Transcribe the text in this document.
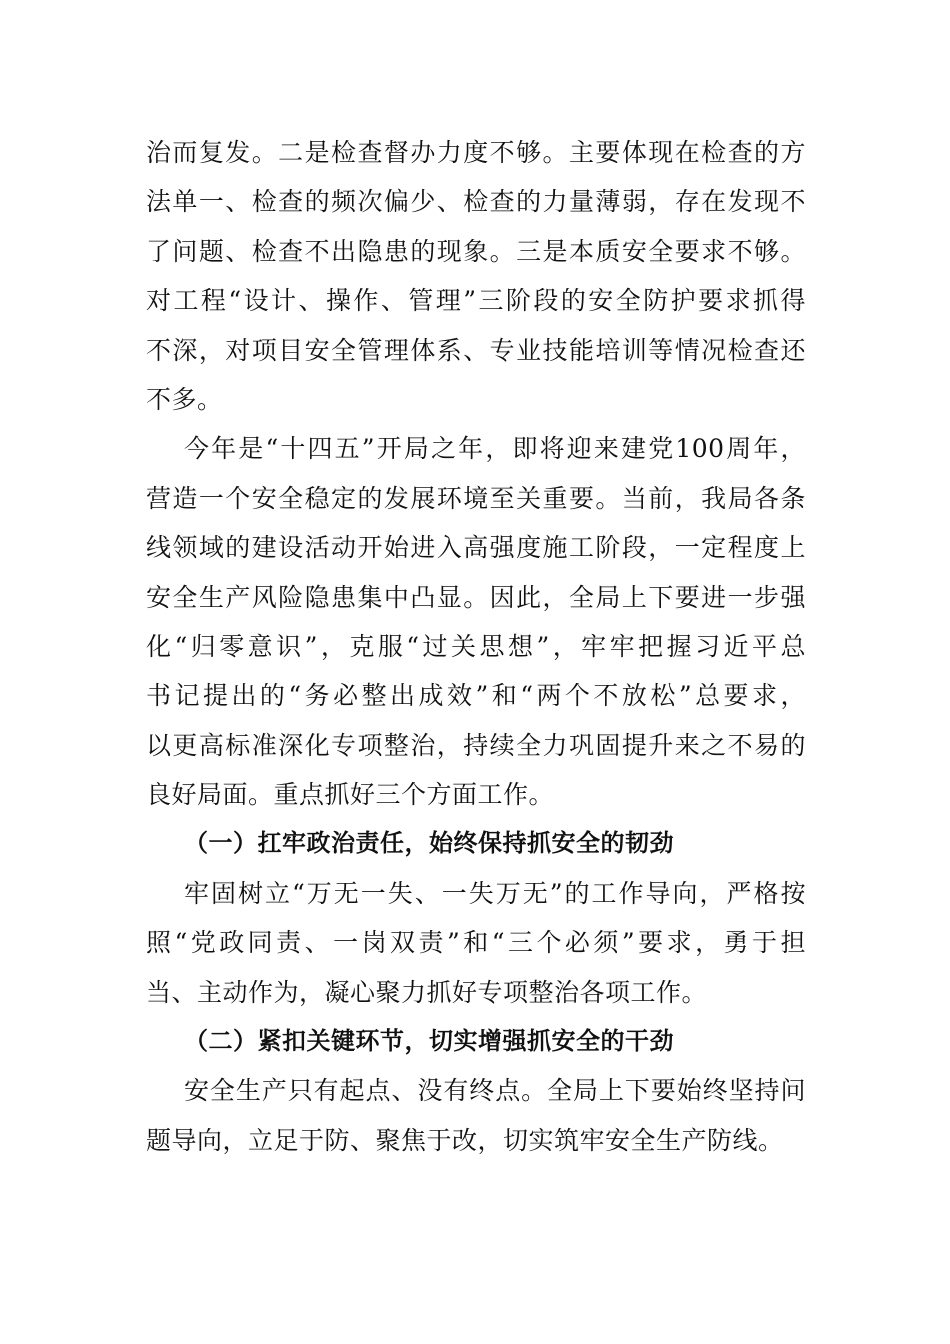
治而复发。二是检查督办力度不够。主要体现在检查的方
法单一、检查的频次偏少、检查的力量薄弱，存在发现不
了问题、检查不出隐患的现象。三是本质安全要求不够。
对工程“设计、操作、管理”三阶段的安全防护要求抓得
不深，对项目安全管理体系、专业技能培训等情况检查还
不多。
今年是“十四五”开局之年，即将迎来建党100周年，
营造一个安全稳定的发展环境至关重要。当前，我局各条
线领域的建设活动开始进入高强度施工阶段，一定程度上
安全生产风险隐患集中凸显。因此，全局上下要进一步强
化“归零意识”，克服“过关思想”，牢牢把握习近平总
书记提出的“务必整出成效”和“两个不放松”总要求，
以更高标准深化专项整治，持续全力巩固提升来之不易的
良好局面。重点抓好三个方面工作。
（一）扛牢政治责任，始终保持抓安全的韧劲
牢固树立“万无一失、一失万无”的工作导向，严格按
照“党政同责、一岗双责”和“三个必须”要求，勇于担
当、主动作为，凝心聚力抓好专项整治各项工作。
（二）紧扣关键环节，切实增强抓安全的干劲
安全生产只有起点、没有终点。全局上下要始终坚持问
题导向，立足于防、聚焦于改，切实筑牢安全生产防线。
